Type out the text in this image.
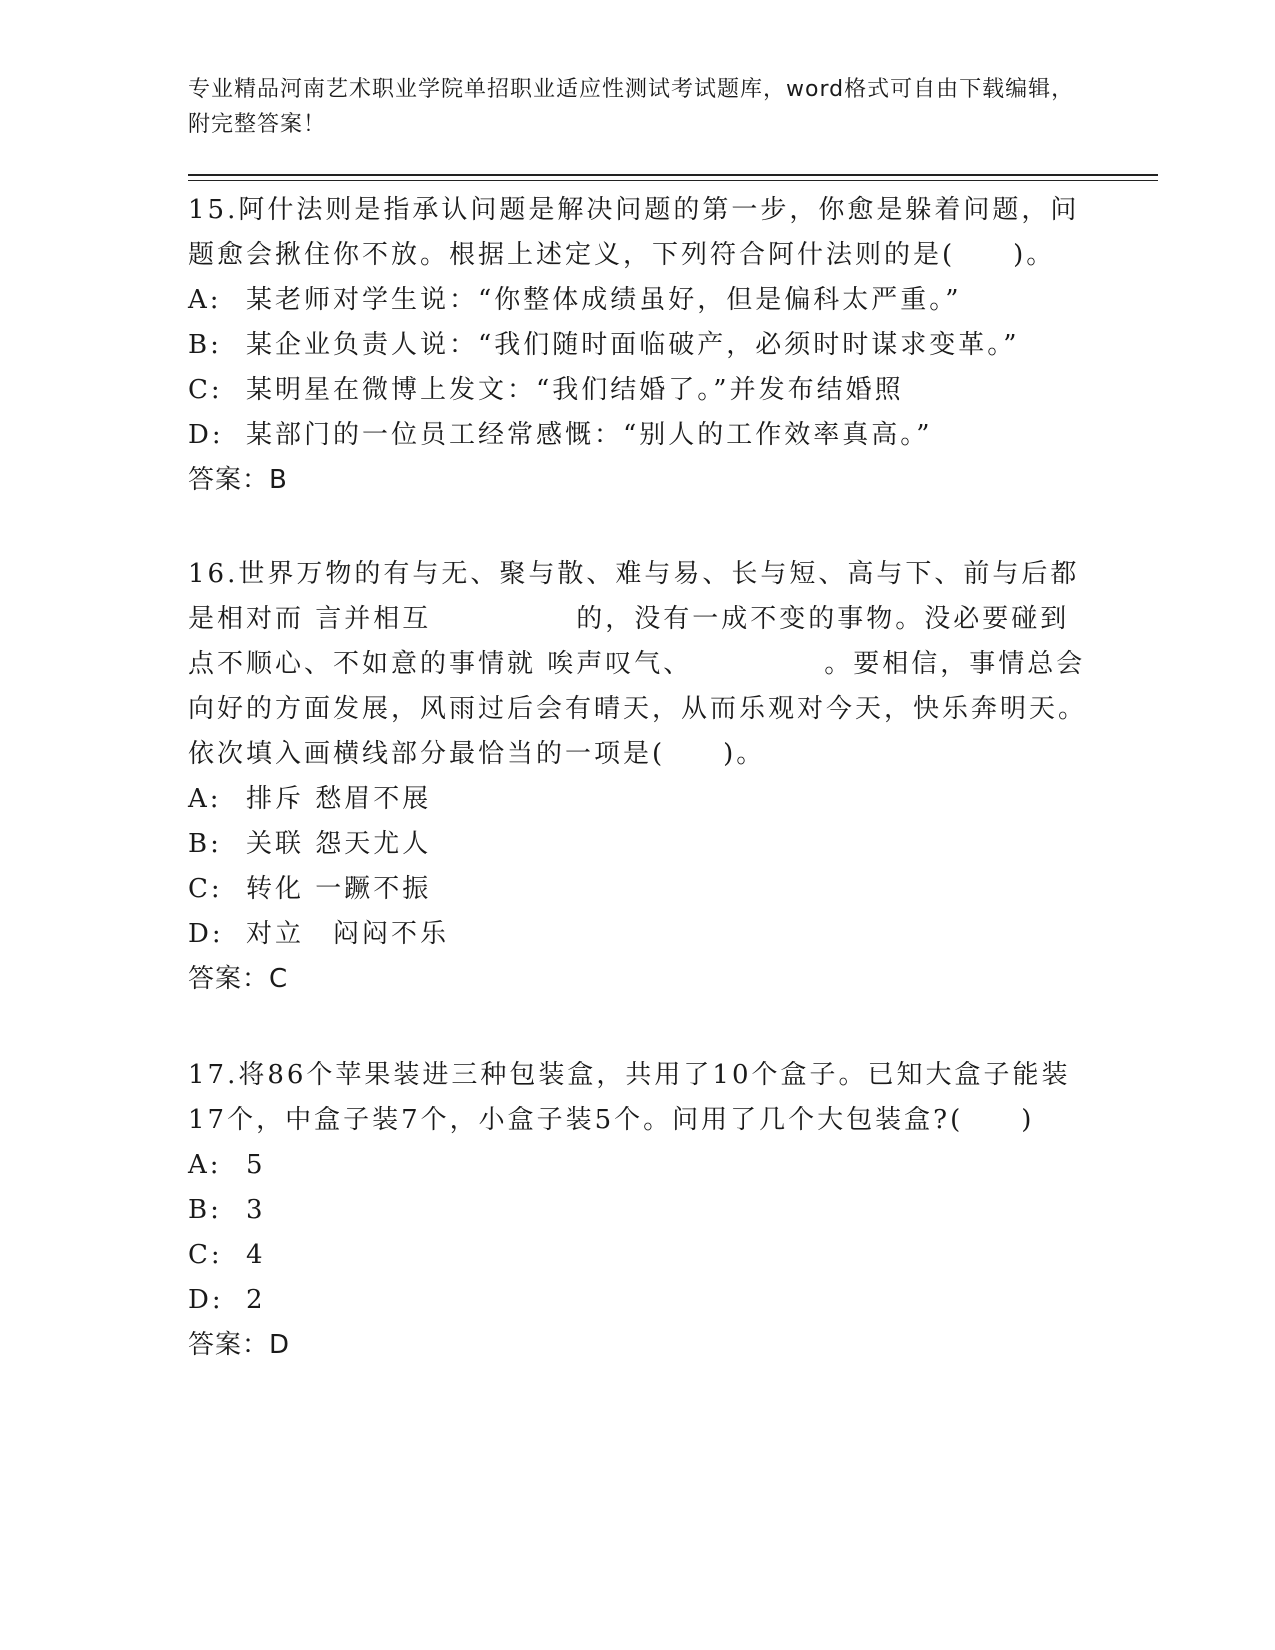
专业精品河南艺术职业学院单招职业适应性测试考试题库，word格式可自由下载编辑，附完整答案！
15.阿什法则是指承认问题是解决问题的第一步，你愈是躲着问题，问题愈会揪住你不放。根据上述定义，下列符合阿什法则的是(　　)。
A: 某老师对学生说：“你整体成绩虽好，但是偏科太严重。”
B: 某企业负责人说：“我们随时面临破产，必须时时谋求变革。”
C: 某明星在微博上发文：“我们结婚了。”并发布结婚照
D: 某部门的一位员工经常感慨：“别人的工作效率真高。”
答案：B
16.世界万物的有与无、聚与散、难与易、长与短、高与下、前与后都是相对而 言并相互　　　　　的，没有一成不变的事物。没必要碰到点不顺心、不如意的事情就 唉声叹气、　　　　　。要相信，事情总会向好的方面发展，风雨过后会有晴天，从而乐观对今天，快乐奔明天。依次填入画横线部分最恰当的一项是(　　)。
A: 排斥 愁眉不展
B: 关联 怨天尤人
C: 转化 一蹶不振
D: 对立　闷闷不乐
答案：C
17.将86个苹果装进三种包装盒，共用了10个盒子。已知大盒子能装17个，中盒子装7个，小盒子装5个。问用了几个大包装盒?(　　)
A: 5
B: 3
C: 4
D: 2
答案：D
